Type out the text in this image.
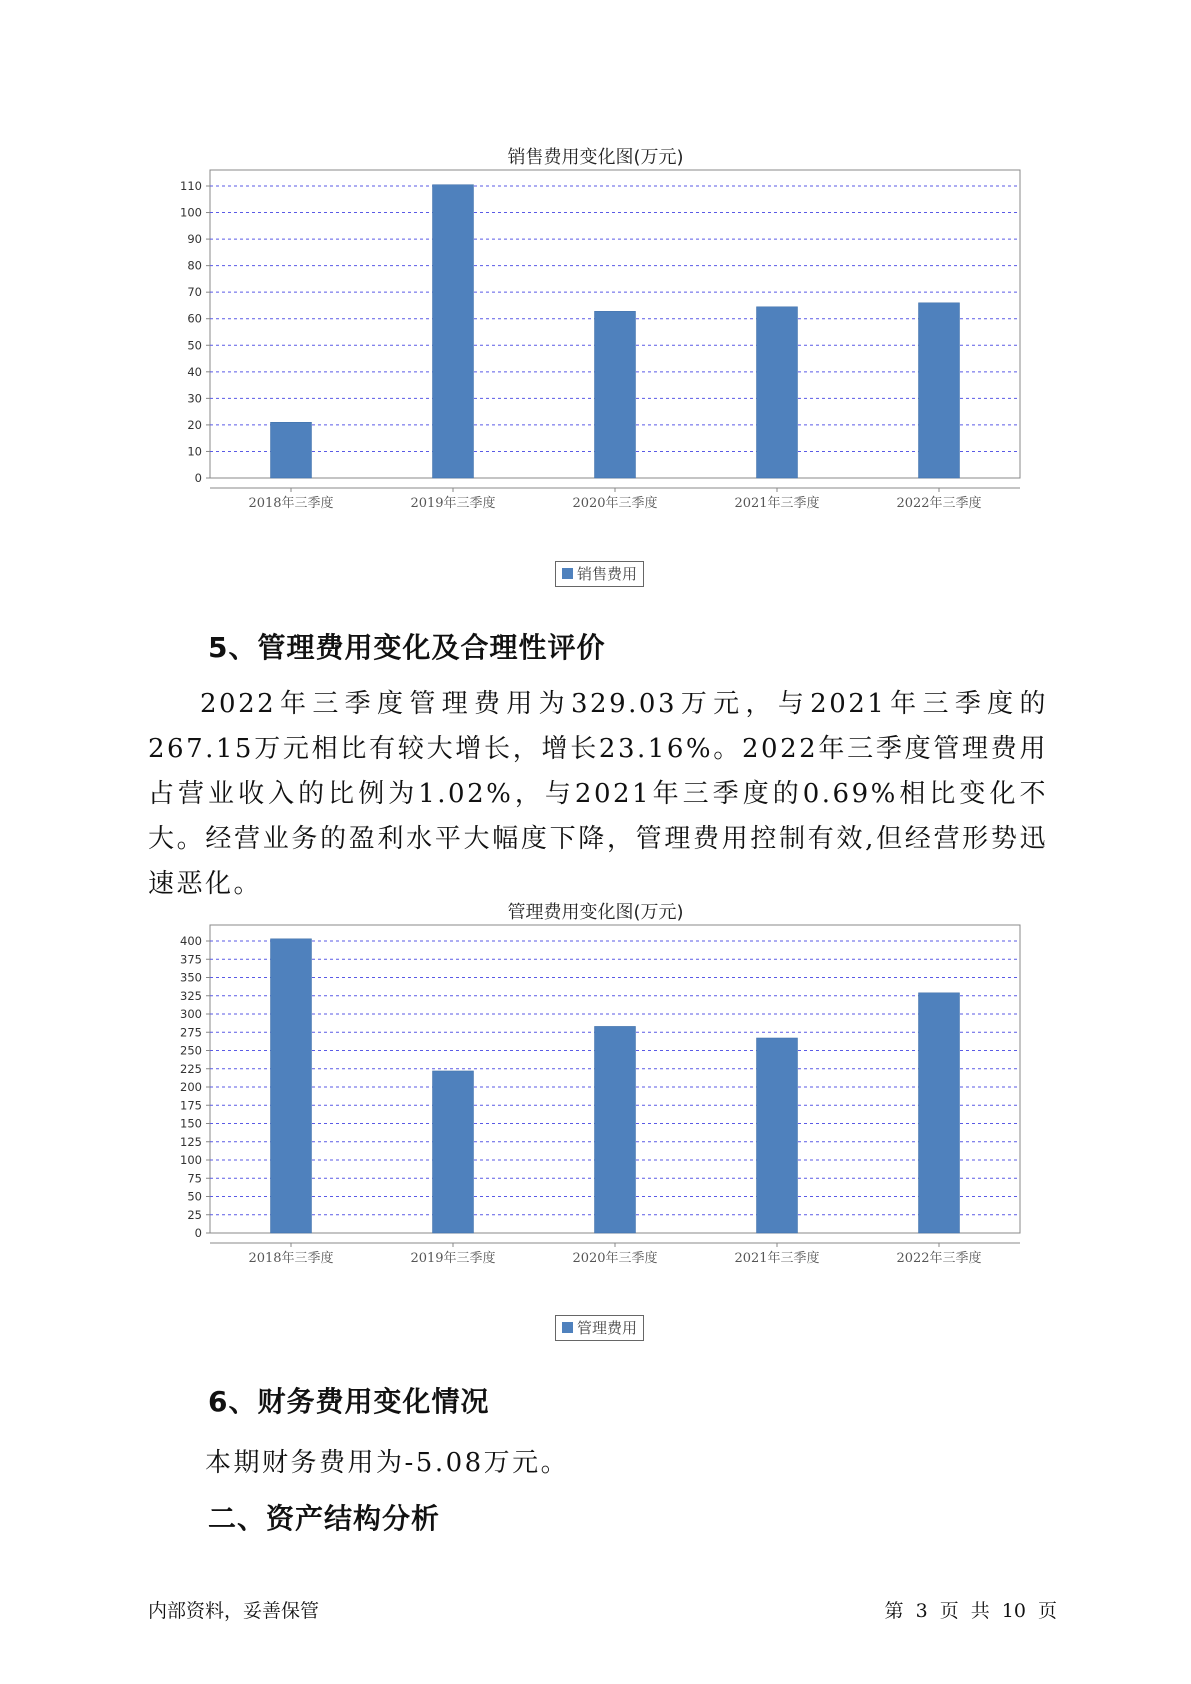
销售费用变化图(万元)
0
10
20
30
40
50
60
70
80
90
100
110
2018年三季度	2019年三季度	2020年三季度	2021年三季度	2022年三季度
销售费用
5、管理费用变化及合理性评价

2022年三季度管理费用为329.03万元，与2021年三季度的267.15万元相比有较大增长，增长23.16%。2022年三季度管理费用占营业收入的比例为1.02%，与2021年三季度的0.69%相比变化不大。经营业务的盈利水平大幅度下降，管理费用控制有效,但经营形势迅速恶化。

管理费用变化图(万元)
0
25
50
75
100
125
150
175
200
225
250
275
300
325
350
375
400
2018年三季度	2019年三季度	2020年三季度	2021年三季度	2022年三季度
管理费用
6、财务费用变化情况
本期财务费用为-5.08万元。
二、资产结构分析
内部资料，妥善保管	第 3 页 共 10 页
